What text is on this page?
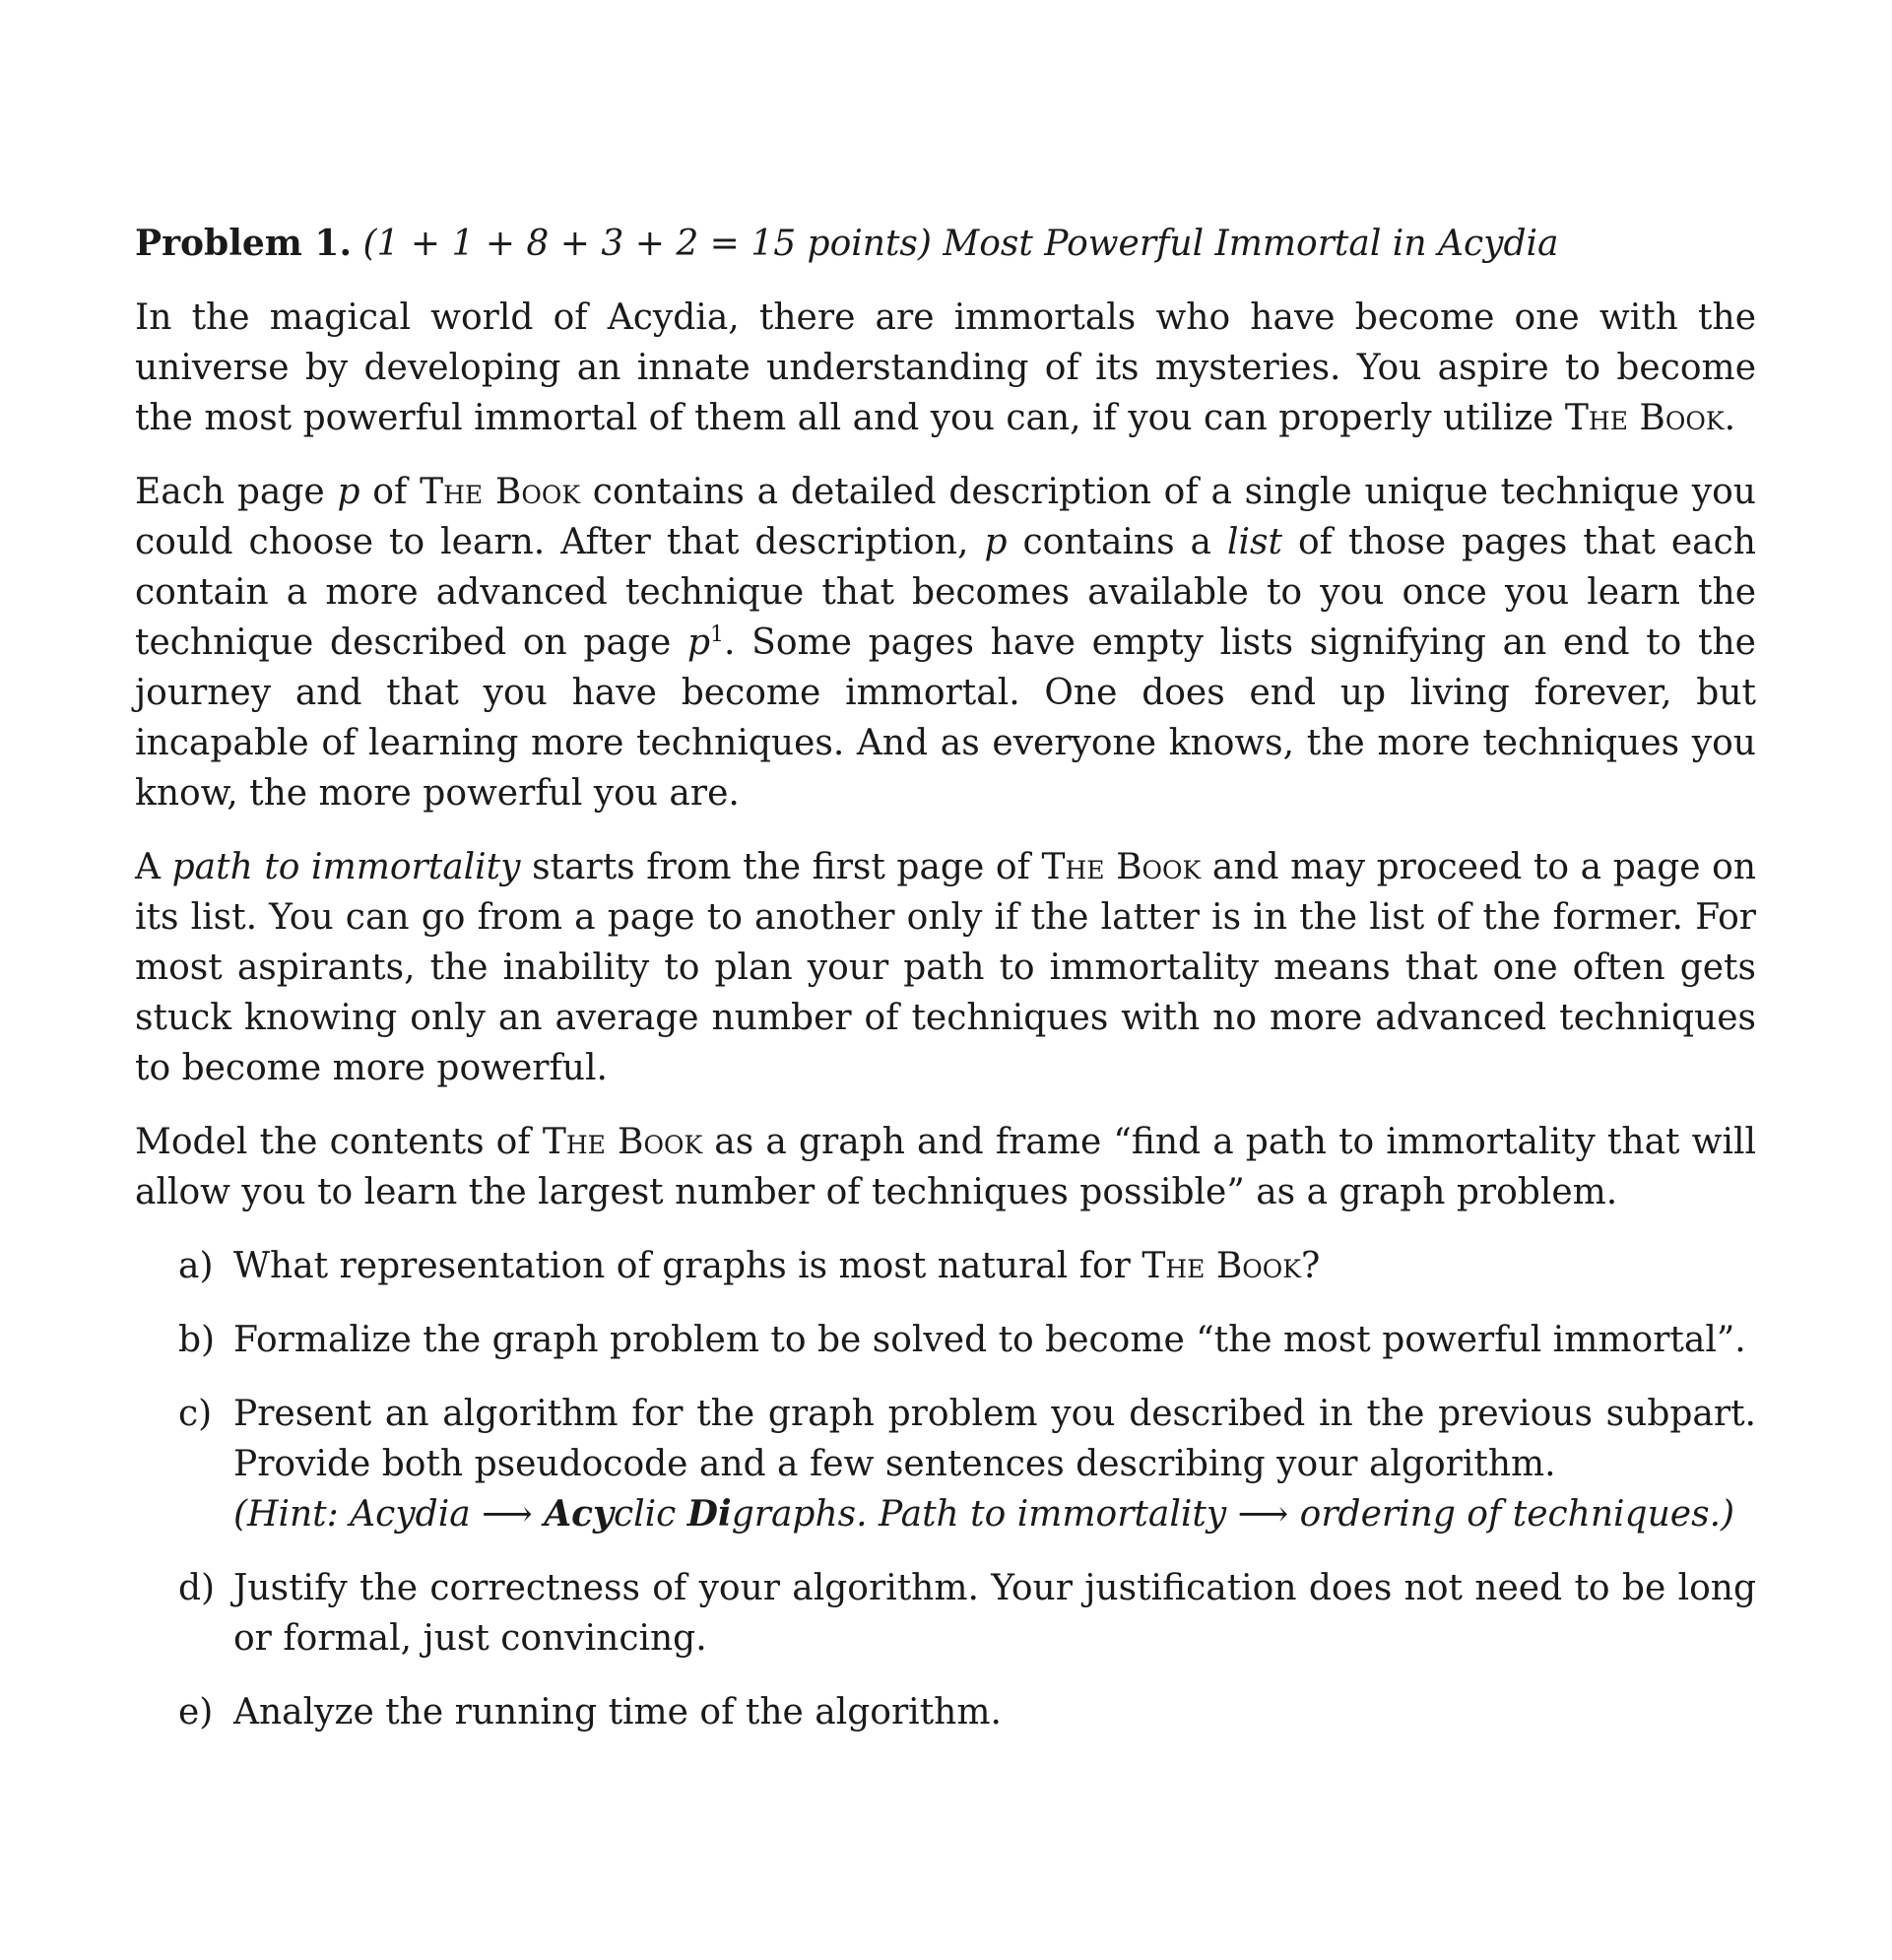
Problem 1. (1 + 1 + 8 + 3 + 2 = 15 points) Most Powerful Immortal in Acydia

In the magical world of Acydia, there are immortals who have become one with the universe by developing an innate understanding of its mysteries. You aspire to become the most powerful immortal of them all and you can, if you can properly utilize The Book.

Each page p of The Book contains a detailed description of a single unique technique you could choose to learn. After that description, p contains a list of those pages that each contain a more advanced technique that becomes available to you once you learn the technique described on page $p^1$. Some pages have empty lists signifying an end to the journey and that you have become immortal. One does end up living forever, but incapable of learning more techniques. And as everyone knows, the more techniques you know, the more powerful you are.

A path to immortality starts from the first page of The Book and may proceed to a page on its list. You can go from a page to another only if the latter is in the list of the former. For most aspirants, the inability to plan your path to immortality means that one often gets stuck knowing only an average number of techniques with no more advanced techniques to become more powerful.

Model the contents of The Book as a graph and frame “find a path to immortality that will allow you to learn the largest number of techniques possible” as a graph problem.

a) What representation of graphs is most natural for The Book?
b) Formalize the graph problem to be solved to become “the most powerful immortal”.
c) Present an algorithm for the graph problem you described in the previous subpart. Provide both pseudocode and a few sentences describing your algorithm.
(Hint: Acydia ⟶ Acyclic Digraphs. Path to immortality ⟶ ordering of techniques.)
d) Justify the correctness of your algorithm. Your justification does not need to be long or formal, just convincing.
e) Analyze the running time of the algorithm.
